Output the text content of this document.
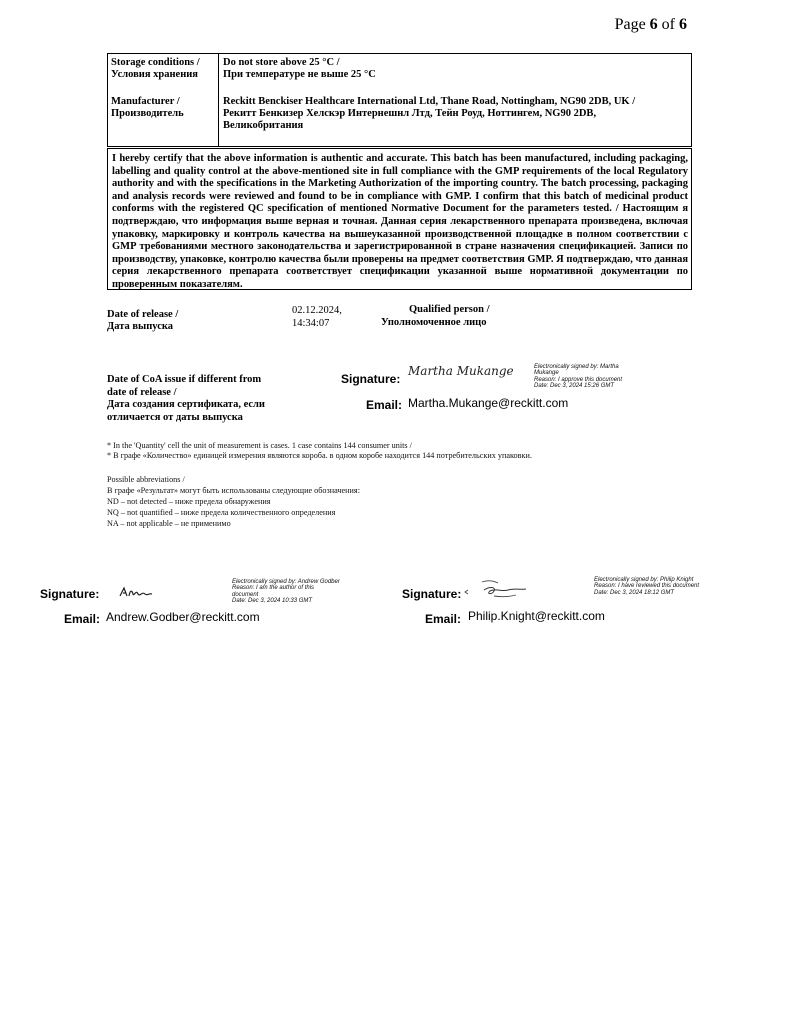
Page 6 of 6
Storage conditions /
Условия хранения
Do not store above 25 °C /
При температуре не выше 25 °C
Manufacturer /
Производитель
Reckitt Benckiser Healthcare International Ltd, Thane Road, Nottingham, NG90 2DB, UK /
Рекитт Бенкизер Хелскэр Интернешнл Лтд, Тейн Роуд, Ноттингем, NG90 2DB,
Великобритания
I hereby certify that the above information is authentic and accurate. This batch has been manufactured, including packaging, labelling and quality control at the above-mentioned site in full compliance with the GMP requirements of the local Regulatory authority and with the specifications in the Marketing Authorization of the importing country. The batch processing, packaging and analysis records were reviewed and found to be in compliance with GMP. I confirm that this batch of medicinal product conforms with the registered QC specification of mentioned Normative Document for the parameters tested. / Настоящим я подтверждаю, что информация выше верная и точная. Данная серия лекарственного препарата произведена, включая упаковку, маркировку и контроль качества на вышеуказанной производственной площадке в полном соответствии с GMP требованиями местного законодательства и зарегистрированной в стране назначения спецификацией. Записи по производству, упаковке, контролю качества были проверены на предмет соответствия GMP. Я подтверждаю, что данная серия лекарственного препарата соответствует спецификации указанной выше нормативной документации по проверенным показателям.
Date of release /
Дата выпуска
02.12.2024,
14:34:07
Qualified person /
Уполномоченное лицо
Date of CoA issue if different from
date of release /
Дата создания сертификата, если
отличается от даты выпуска
Signature:
Martha Mukange	Electronically signed by: Martha
Mukange
Reason: I approve this document
Date: Dec 3, 2024 15:26 GMT
Email: Martha.Mukange@reckitt.com
* In the 'Quantity' cell the unit of measurement is cases. 1 case contains 144 consumer units /
* В графе «Количество» единицей измерения являются короба. в одном коробе находится 144 потребительских упаковки.
Possible abbreviations /
В графе «Результат» могут быть использованы следующие обозначения:
ND – not detected – ниже предела обнаружения
NQ – not quantified – ниже предела количественного определения
NA – not applicable – не применимо
Signature:
Electronically signed by: Andrew Godber
Reason: I am the author of this
document
Date: Dec 3, 2024 10:33 GMT
Email: Andrew.Godber@reckitt.com
Signature:
Electronically signed by: Philip Knight
Reason: I have reviewed this document
Date: Dec 3, 2024 18:12 GMT
Email: Philip.Knight@reckitt.com
